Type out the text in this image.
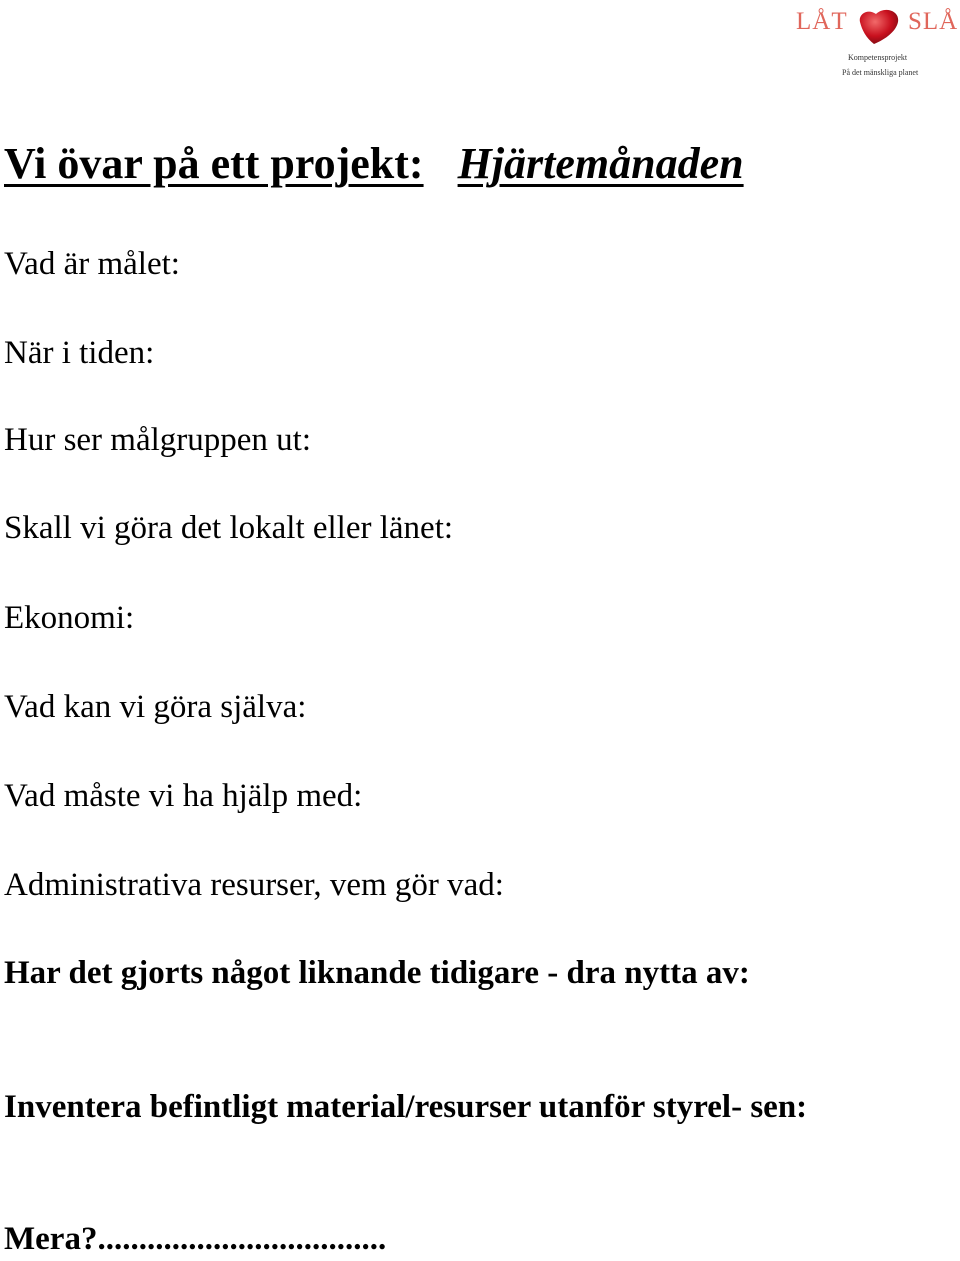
LÅT SLÅ
Kompetensprojekt
På det mänskliga planet
Vi övar på ett projekt: Hjärtemånaden

Vad är målet:

När i tiden:

Hur ser målgruppen ut:

Skall vi göra det lokalt eller länet:

Ekonomi:

Vad kan vi göra själva:

Vad måste vi ha hjälp med:

Administrativa resurser, vem gör vad:

Har det gjorts något liknande tidigare - dra nytta av:

Inventera befintligt material/resurser utanför styrel- sen:

Mera?...................................
